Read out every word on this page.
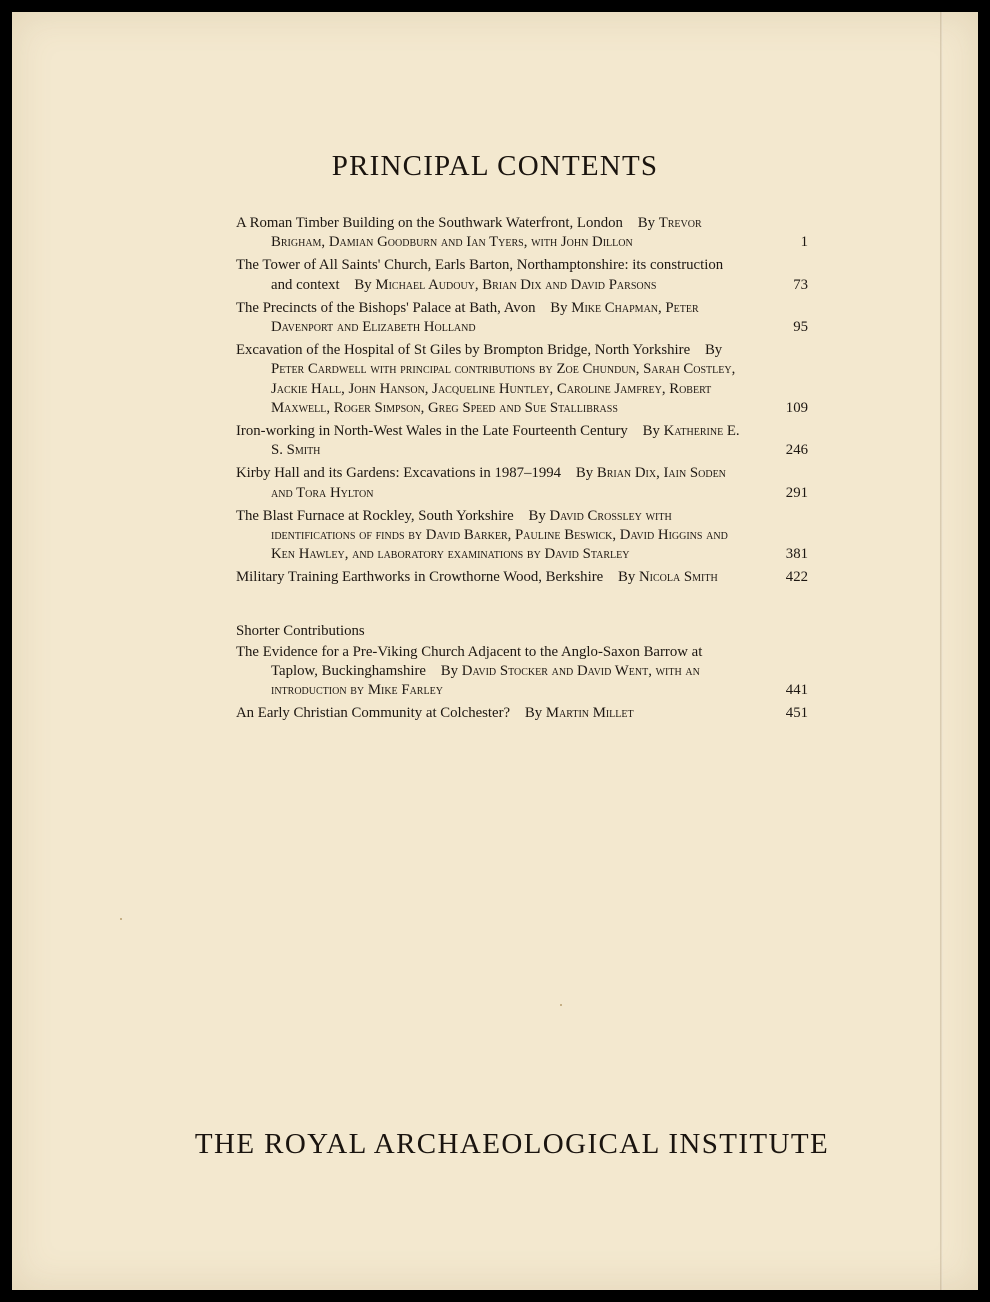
PRINCIPAL CONTENTS
A Roman Timber Building on the Southwark Waterfront, London  By Trevor Brigham, Damian Goodburn and Ian Tyers, with John Dillon	1
The Tower of All Saints' Church, Earls Barton, Northamptonshire: its construction and context  By Michael Audouy, Brian Dix and David Parsons	73
The Precincts of the Bishops' Palace at Bath, Avon  By Mike Chapman, Peter Davenport and Elizabeth Holland	95
Excavation of the Hospital of St Giles by Brompton Bridge, North Yorkshire  By Peter Cardwell with principal contributions by Zoe Chundun, Sarah Costley, Jackie Hall, John Hanson, Jacqueline Huntley, Caroline Jamfrey, Robert Maxwell, Roger Simpson, Greg Speed and Sue Stallibrass	109
Iron-working in North-West Wales in the Late Fourteenth Century  By Katherine E. S. Smith	246
Kirby Hall and its Gardens: Excavations in 1987–1994  By Brian Dix, Iain Soden and Tora Hylton	291
The Blast Furnace at Rockley, South Yorkshire  By David Crossley with identifications of finds by David Barker, Pauline Beswick, David Higgins and Ken Hawley, and laboratory examinations by David Starley	381
Military Training Earthworks in Crowthorne Wood, Berkshire  By Nicola Smith	422
Shorter Contributions
The Evidence for a Pre-Viking Church Adjacent to the Anglo-Saxon Barrow at Taplow, Buckinghamshire  By David Stocker and David Went, with an introduction by Mike Farley	441
An Early Christian Community at Colchester?  By Martin Millet	451
THE ROYAL ARCHAEOLOGICAL INSTITUTE
